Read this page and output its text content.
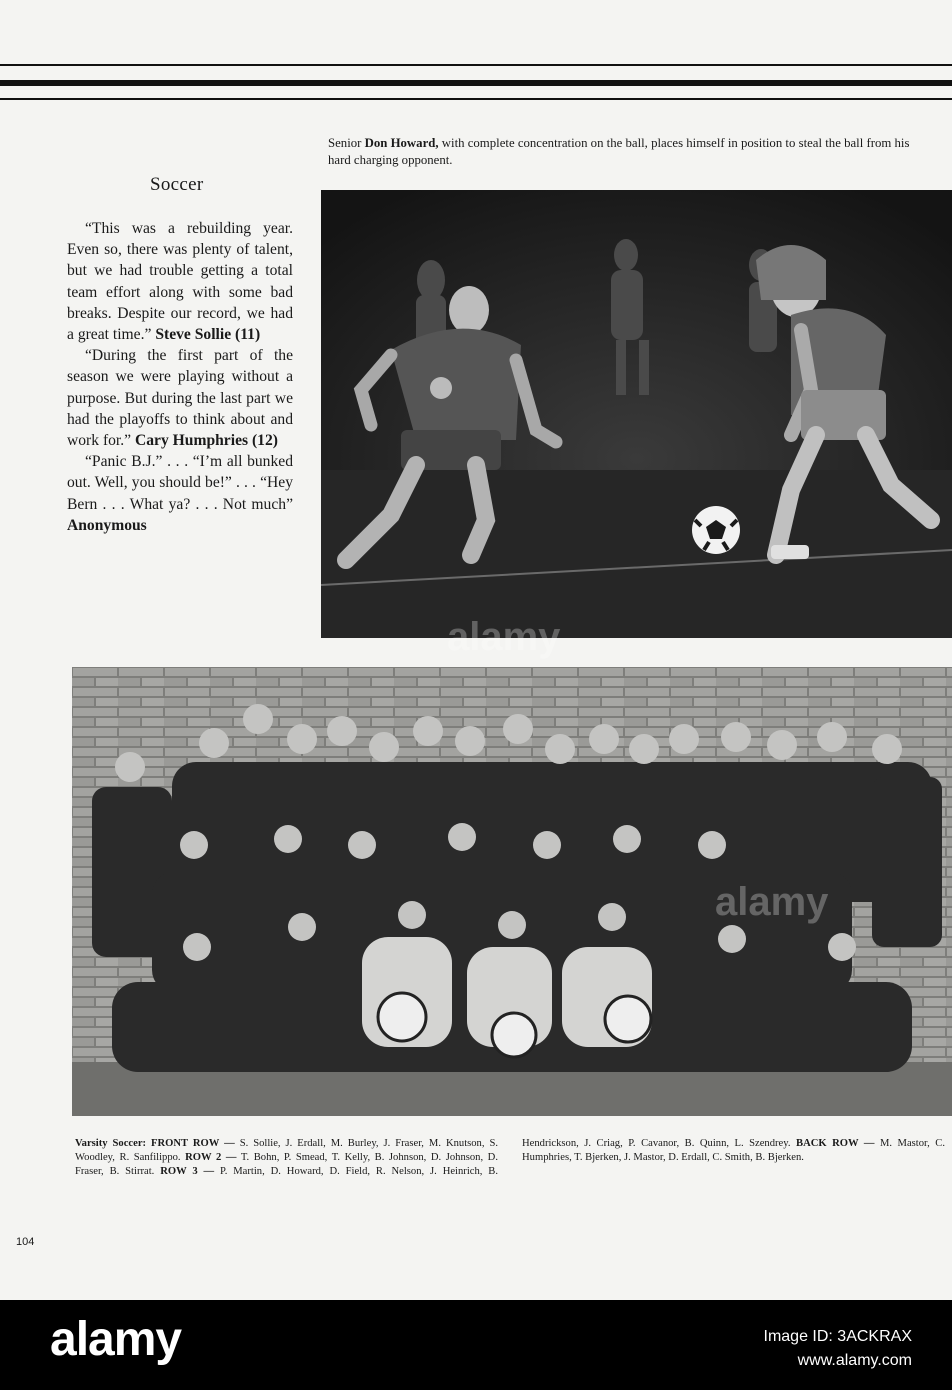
Soccer

“This was a rebuilding year. Even so, there was plenty of talent, but we had trouble getting a total team effort along with some bad breaks. Despite our record, we had a great time.” Steve Sollie (11)

“During the first part of the season we were playing without a purpose. But during the last part we had the playoffs to think about and work for.” Cary Humphries (12)

“Panic B.J.” . . . “I’m all bunked out. Well, you should be!” . . . “Hey Bern . . . What ya? . . . Not much” Anonymous

Senior Don Howard, with complete concentration on the ball, places himself in position to steal the ball from his hard charging opponent.
Varsity Soccer: FRONT ROW — S. Sollie, J. Erdall, M. Burley, J. Fraser, M. Knutson, S. Woodley, R. Sanfilippo. ROW 2 — T. Bohn, P. Smead, T. Kelly, B. Johnson, D. Johnson, D. Fraser, B. Stirrat. ROW 3 — P. Martin, D. Howard, D. Field, R. Nelson, J. Heinrich, B. Hendrickson, J. Criag, P. Cavanor, B. Quinn, L. Szendrey. BACK ROW — M. Mastor, C. Humphries, T. Bjerken, J. Mastor, D. Erdall, C. Smith, B. Bjerken.
104
alamy
alamy
alamy	Image ID: 3ACKRAX
www.alamy.com
